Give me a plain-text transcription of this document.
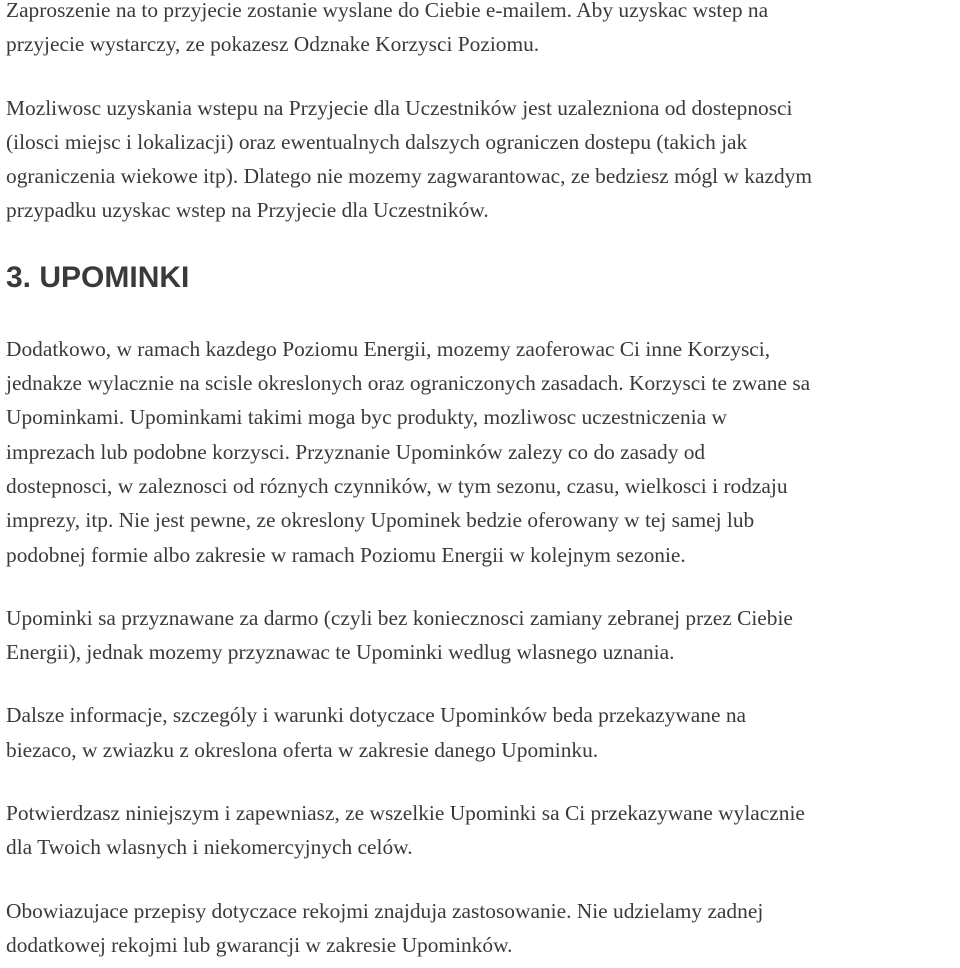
Zaproszenie na to przyjecie zostanie wyslane do Ciebie e-mailem. Aby uzyskac wstep na
przyjecie wystarczy, ze pokazesz Odznake Korzysci Poziomu.

Mozliwosc uzyskania wstepu na Przyjecie dla Uczestników jest uzalezniona od dostepnosci
(ilosci miejsc i lokalizacji) oraz ewentualnych dalszych ograniczen dostepu (takich jak
ograniczenia wiekowe itp). Dlatego nie mozemy zagwarantowac, ze bedziesz mógl w kazdym
przypadku uzyskac wstep na Przyjecie dla Uczestników.

3. UPOMINKI

Dodatkowo, w ramach kazdego Poziomu Energii, mozemy zaoferowac Ci inne Korzysci,
jednakze wylacznie na scisle okreslonych oraz ograniczonych zasadach. Korzysci te zwane sa
Upominkami. Upominkami takimi moga byc produkty, mozliwosc uczestniczenia w
imprezach lub podobne korzysci. Przyznanie Upominków zalezy co do zasady od
dostepnosci, w zaleznosci od róznych czynników, w tym sezonu, czasu, wielkosci i rodzaju
imprezy, itp. Nie jest pewne, ze okreslony Upominek bedzie oferowany w tej samej lub
podobnej formie albo zakresie w ramach Poziomu Energii w kolejnym sezonie.

Upominki sa przyznawane za darmo (czyli bez koniecznosci zamiany zebranej przez Ciebie
Energii), jednak mozemy przyznawac te Upominki wedlug wlasnego uznania.

Dalsze informacje, szczególy i warunki dotyczace Upominków beda przekazywane na
biezaco, w zwiazku z okreslona oferta w zakresie danego Upominku.

Potwierdzasz niniejszym i zapewniasz, ze wszelkie Upominki sa Ci przekazywane wylacznie
dla Twoich wlasnych i niekomercyjnych celów.

Obowiazujace przepisy dotyczace rekojmi znajduja zastosowanie. Nie udzielamy zadnej
dodatkowej rekojmi lub gwarancji w zakresie Upominków.
